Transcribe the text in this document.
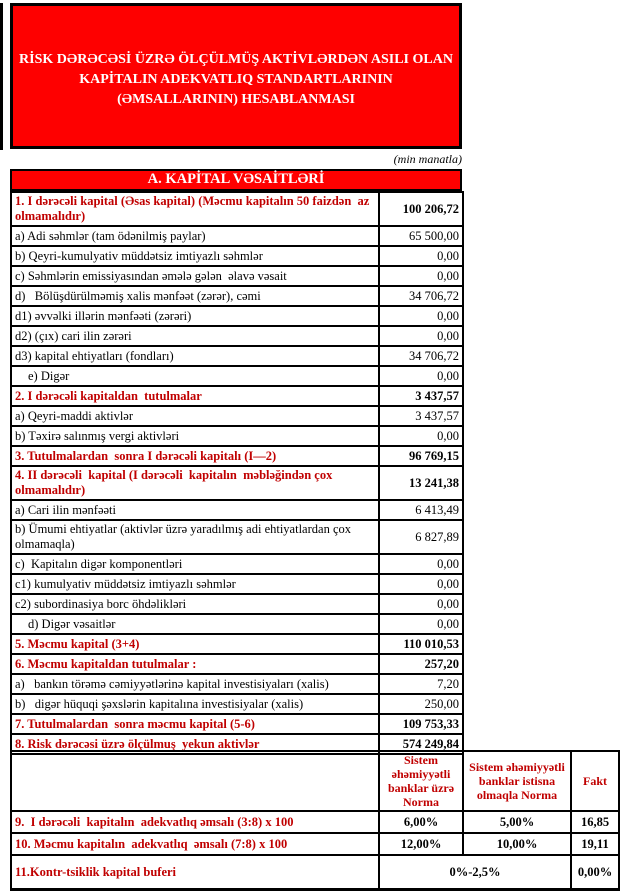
RİSK DƏRƏCƏSİ ÜZRƏ ÖLÇÜLMÜŞ AKTİVLƏRDƏN ASILI OLAN
KAPİTALIN ADEKVATLIQ STANDARTLARININ
(ƏMSALLARININ) HESABLANMASI
(min manatla)
A. KAPİTAL VƏSAİTLƏRİ
1. I dərəcəli kapital (Əsas kapital) (Məcmu kapitalın 50 faizdən  az olmamalıdır)	100 206,72
a) Adi səhmlər (tam ödənilmiş paylar)	65 500,00
b) Qeyri-kumulyativ müddətsiz imtiyazlı səhmlər	0,00
c) Səhmlərin emissiyasından əmələ gələn  əlavə vəsait	0,00
d)   Bölüşdürülməmiş xalis mənfəət (zərər), cəmi	34 706,72
d1) əvvəlki illərin mənfəəti (zərəri)	0,00
d2) (çıx) cari ilin zərəri	0,00
d3) kapital ehtiyatları (fondları)	34 706,72
e) Digər	0,00
2. I dərəcəli kapitaldan  tutulmalar	3 437,57
a) Qeyri-maddi aktivlər	3 437,57
b) Təxirə salınmış vergi aktivləri	0,00
3. Tutulmalardan  sonra I dərəcəli kapitalı (I—2)	96 769,15
4. II dərəcəli  kapital (I dərəcəli  kapitalın  məbləğindən çox olmamalıdır)	13 241,38
a) Cari ilin mənfəəti	6 413,49
b) Ümumi ehtiyatlar (aktivlər üzrə yaradılmış adi ehtiyatlardan çox olmamaqla)	6 827,89
c)  Kapitalın digər komponentləri	0,00
c1) kumulyativ müddətsiz imtiyazlı səhmlər	0,00
c2) subordinasiya borc öhdəlikləri	0,00
d) Digər vəsaitlər	0,00
5. Məcmu kapital (3+4)	110 010,53
6. Məcmu kapitaldan tutulmalar :	257,20
a)   bankın törəmə cəmiyyətlərinə kapital investisiyaları (xalis)	7,20
b)   digər hüquqi şəxslərin kapitalına investisiyalar (xalis)	250,00
7. Tutulmalardan  sonra məcmu kapital (5-6)	109 753,33
8. Risk dərəcəsi üzrə ölçülmuş  yekun aktivlər	574 249,84
	Sistem əhəmiyyətli banklar üzrə Norma	Sistem əhəmiyyətli banklar istisna olmaqla Norma	Fakt
9.  I dərəcəli  kapitalın  adekvatlıq əmsalı (3:8) x 100	6,00%	5,00%	16,85
10. Məcmu kapitalın  adekvatlıq  əmsalı (7:8) x 100	12,00%	10,00%	19,11
11.Kontr-tsiklik kapital buferi	0%-2,5%		0,00%
